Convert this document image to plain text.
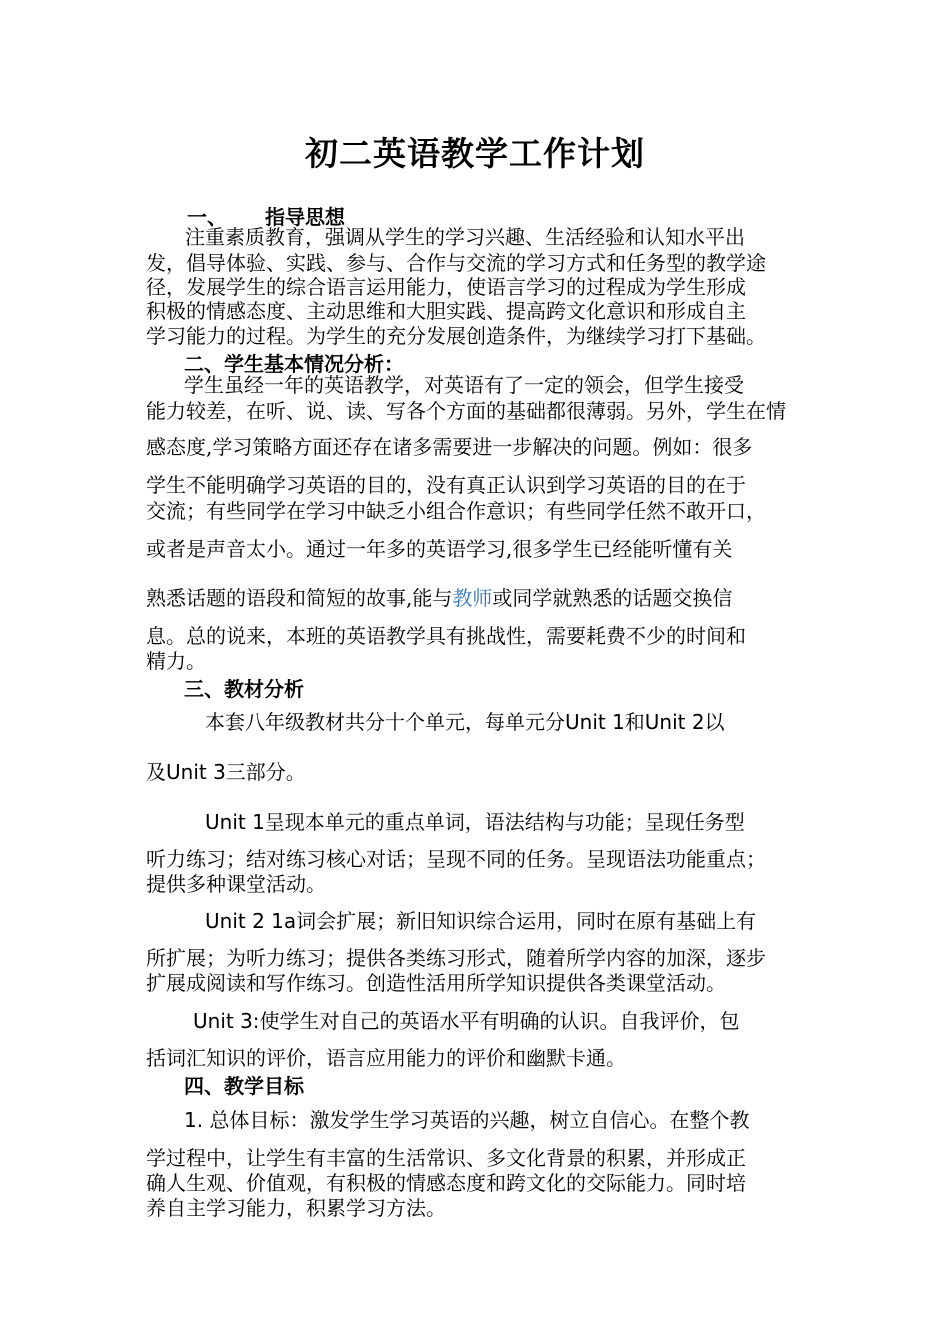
初二英语教学工作计划
一、 指导思想
注重素质教育，强调从学生的学习兴趣、生活经验和认知水平出
发，倡导体验、实践、参与、合作与交流的学习方式和任务型的教学途
径，发展学生的综合语言运用能力，使语言学习的过程成为学生形成
积极的情感态度、主动思维和大胆实践、提高跨文化意识和形成自主
学习能力的过程。为学生的充分发展创造条件，为继续学习打下基础。
二、学生基本情况分析：
学生虽经一年的英语教学，对英语有了一定的领会，但学生接受
能力较差，在听、说、读、写各个方面的基础都很薄弱。另外，学生在情
感态度,学习策略方面还存在诸多需要进一步解决的问题。例如：很多
学生不能明确学习英语的目的，没有真正认识到学习英语的目的在于
交流；有些同学在学习中缺乏小组合作意识；有些同学任然不敢开口，
或者是声音太小。通过一年多的英语学习,很多学生已经能听懂有关
熟悉话题的语段和简短的故事,能与教师或同学就熟悉的话题交换信
息。总的说来，本班的英语教学具有挑战性，需要耗费不少的时间和
精力。
三、教材分析
本套八年级教材共分十个单元，每单元分Unit 1和Unit 2以
及Unit 3三部分。
Unit 1呈现本单元的重点单词，语法结构与功能；呈现任务型
听力练习；结对练习核心对话；呈现不同的任务。呈现语法功能重点；
提供多种课堂活动。
Unit 2 1a词会扩展；新旧知识综合运用，同时在原有基础上有
所扩展；为听力练习；提供各类练习形式，随着所学内容的加深，逐步
扩展成阅读和写作练习。创造性活用所学知识提供各类课堂活动。
Unit 3:使学生对自己的英语水平有明确的认识。自我评价，包
括词汇知识的评价，语言应用能力的评价和幽默卡通。
四、教学目标
1. 总体目标：激发学生学习英语的兴趣，树立自信心。在整个教
学过程中，让学生有丰富的生活常识、多文化背景的积累，并形成正
确人生观、价值观，有积极的情感态度和跨文化的交际能力。同时培
养自主学习能力，积累学习方法。
